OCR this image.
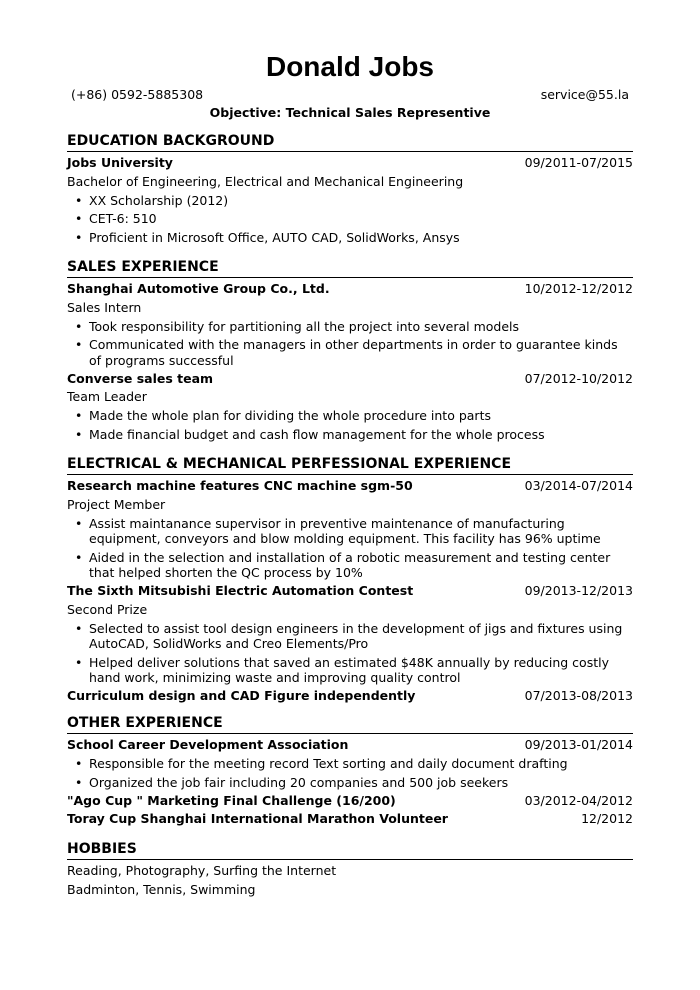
Donald Jobs
(+86) 0592-5885308	service@55.la
Objective: Technical Sales Representive
EDUCATION BACKGROUND
Jobs University	09/2011-07/2015
Bachelor of Engineering, Electrical and Mechanical Engineering
• XX Scholarship (2012)
• CET-6: 510
• Proficient in Microsoft Office, AUTO CAD, SolidWorks, Ansys
SALES EXPERIENCE
Shanghai Automotive Group Co., Ltd.	10/2012-12/2012
Sales Intern
• Took responsibility for partitioning all the project into several models
• Communicated with the managers in other departments in order to guarantee kinds of programs successful
Converse sales team	07/2012-10/2012
Team Leader
• Made the whole plan for dividing the whole procedure into parts
• Made financial budget and cash flow management for the whole process
ELECTRICAL & MECHANICAL PERFESSIONAL EXPERIENCE
Research machine features CNC machine sgm-50	03/2014-07/2014
Project Member
• Assist maintanance supervisor in preventive maintenance of manufacturing equipment, conveyors and blow molding equipment. This facility has 96% uptime
• Aided in the selection and installation of a robotic measurement and testing center that helped shorten the QC process by 10%
The Sixth Mitsubishi Electric Automation Contest	09/2013-12/2013
Second Prize
• Selected to assist tool design engineers in the development of jigs and fixtures using AutoCAD, SolidWorks and Creo Elements/Pro
• Helped deliver solutions that saved an estimated $48K annually by reducing costly hand work, minimizing waste and improving quality control
Curriculum design and CAD Figure independently	07/2013-08/2013
OTHER EXPERIENCE
School Career Development Association	09/2013-01/2014
• Responsible for the meeting record Text sorting and daily document drafting
• Organized the job fair including 20 companies and 500 job seekers
"Ago Cup " Marketing Final Challenge (16/200)	03/2012-04/2012
Toray Cup Shanghai International Marathon Volunteer	12/2012
HOBBIES
Reading, Photography, Surfing the Internet
Badminton, Tennis, Swimming
